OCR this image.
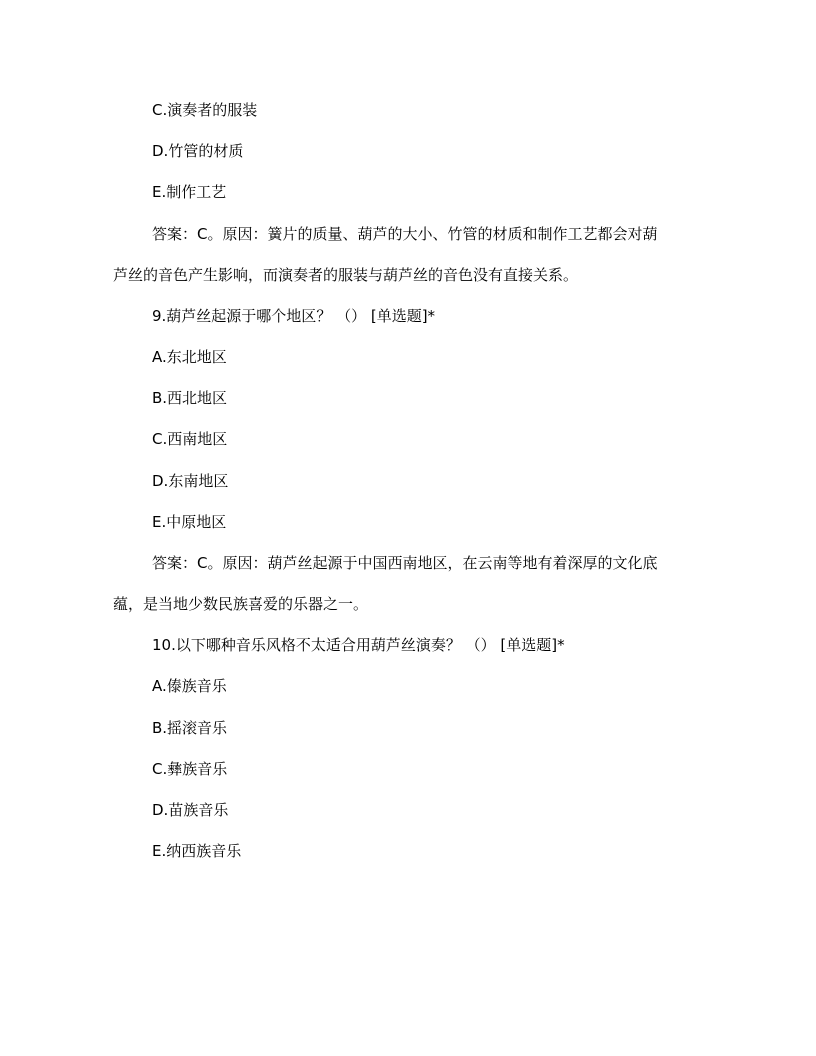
C.演奏者的服装
D.竹管的材质
E.制作工艺
答案：C。原因：簧片的质量、葫芦的大小、竹管的材质和制作工艺都会对葫
芦丝的音色产生影响，而演奏者的服装与葫芦丝的音色没有直接关系。
9.葫芦丝起源于哪个地区？ （） [单选题]*
A.东北地区
B.西北地区
C.西南地区
D.东南地区
E.中原地区
答案：C。原因：葫芦丝起源于中国西南地区，在云南等地有着深厚的文化底
蕴，是当地少数民族喜爱的乐器之一。
10.以下哪种音乐风格不太适合用葫芦丝演奏？ （） [单选题]*
A.傣族音乐
B.摇滚音乐
C.彝族音乐
D.苗族音乐
E.纳西族音乐
